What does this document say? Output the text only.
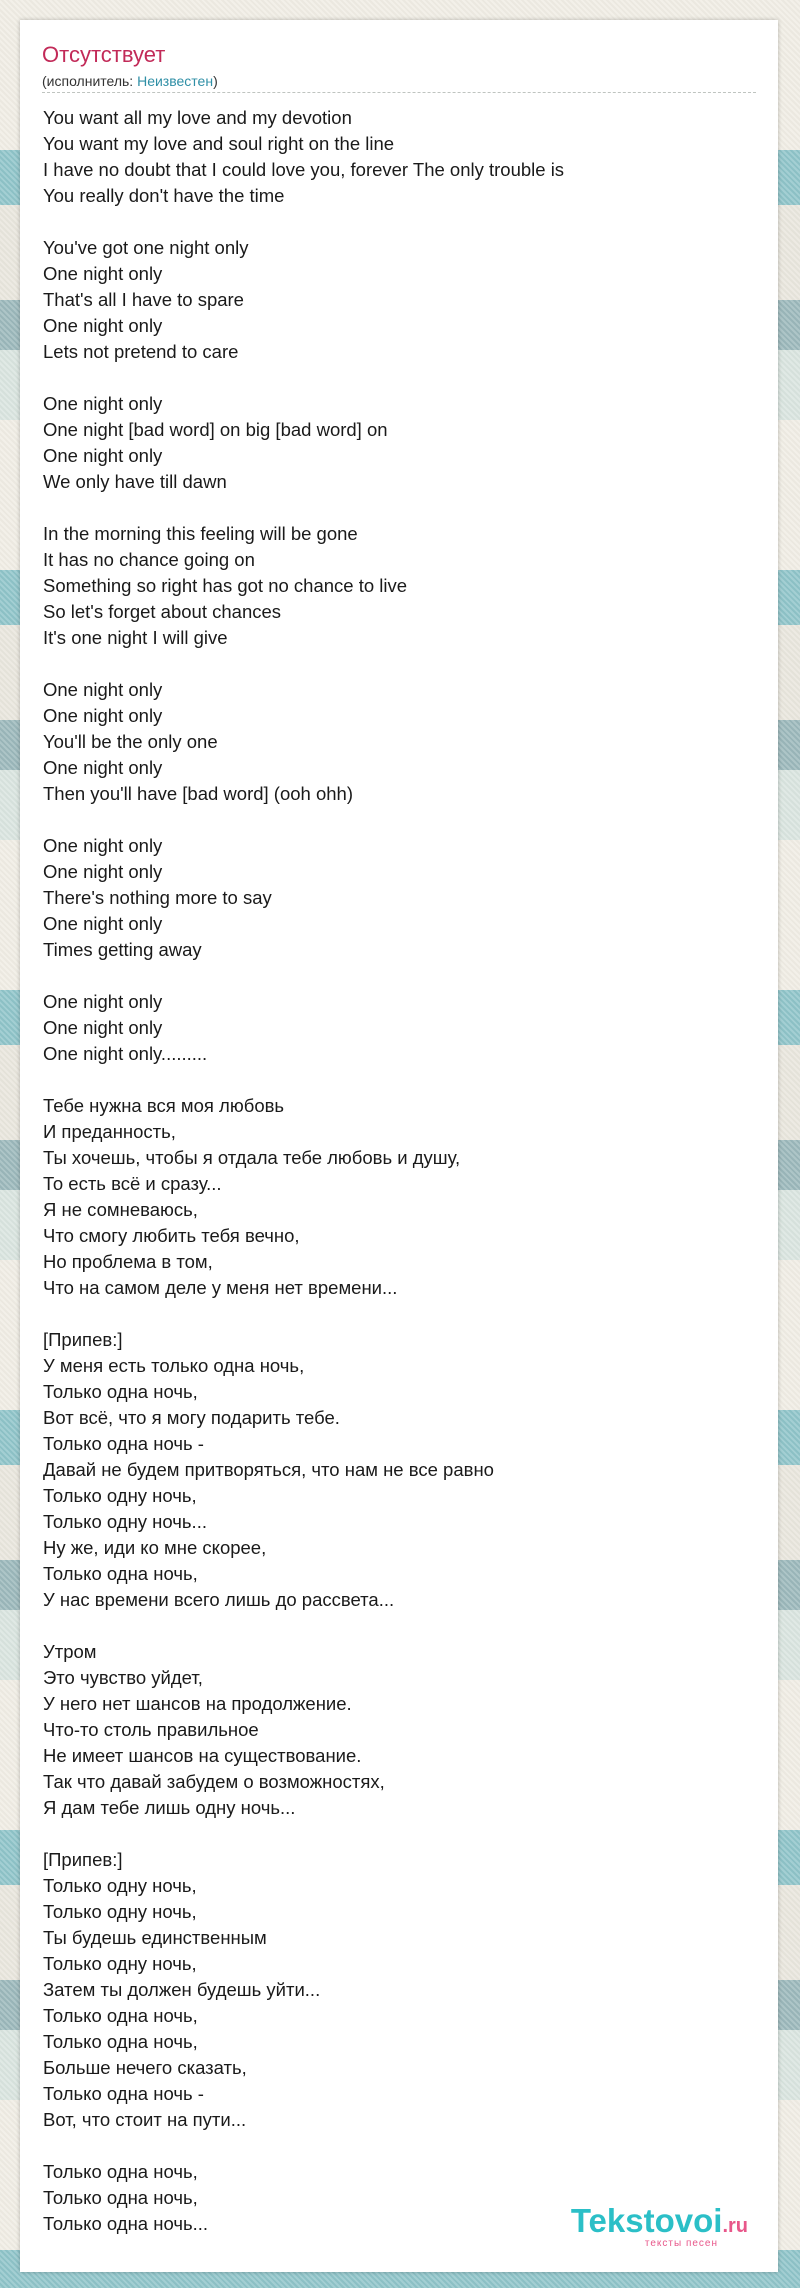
Отсутствует
(исполнитель: Неизвестен)
You want all my love and my devotion
You want my love and soul right on the line
I have no doubt that I could love you, forever The only trouble is
You really don't have the time
You've got one night only
One night only
That's all I have to spare
One night only
Lets not pretend to care
One night only
One night [bad word] on big [bad word] on
One night only
We only have till dawn
In the morning this feeling will be gone
It has no chance going on
Something so right has got no chance to live
So let's forget about chances
It's one night I will give
One night only
One night only
You'll be the only one
One night only
Then you'll have [bad word] (ooh ohh)
One night only
One night only
There's nothing more to say
One night only
Times getting away
One night only
One night only
One night only.........
Тебе нужна вся моя любовь
И преданность,
Ты хочешь, чтобы я отдала тебе любовь и душу,
То есть всё и сразу...
Я не сомневаюсь,
Что смогу любить тебя вечно,
Но проблема в том,
Что на самом деле у меня нет времени...
[Припев:]
У меня есть только одна ночь,
Только одна ночь,
Вот всё, что я могу подарить тебе.
Только одна ночь -
Давай не будем притворяться, что нам не все равно
Только одну ночь,
Только одну ночь...
Ну же, иди ко мне скорее,
Только одна ночь,
У нас времени всего лишь до рассвета...
Утром
Это чувство уйдет,
У него нет шансов на продолжение.
Что-то столь правильное
Не имеет шансов на существование.
Так что давай забудем о возможностях,
Я дам тебе лишь одну ночь...
[Припев:]
Только одну ночь,
Только одну ночь,
Ты будешь единственным
Только одну ночь,
Затем ты должен будешь уйти...
Только одна ночь,
Только одна ночь,
Больше нечего сказать,
Только одна ночь -
Вот, что стоит на пути...
Только одна ночь,
Только одна ночь,
Только одна ночь...	Tekstovoi.ru
тексты песен
